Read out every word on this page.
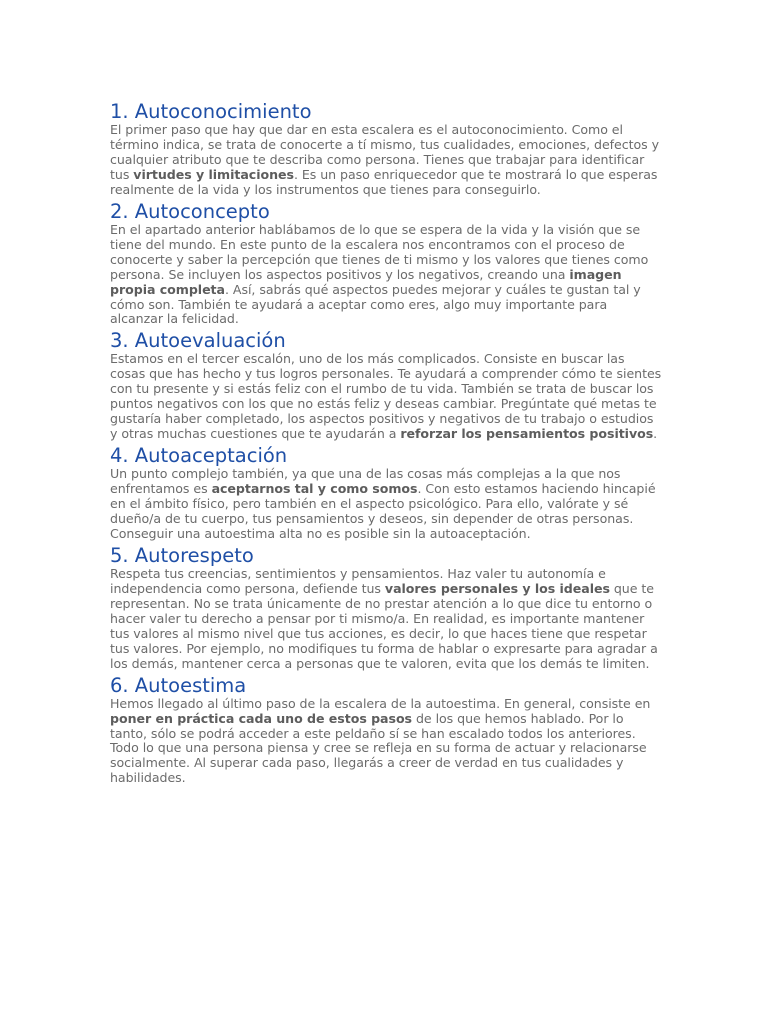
1. Autoconocimiento

El primer paso que hay que dar en esta escalera es el autoconocimiento. Como el término indica, se trata de conocerte a tí mismo, tus cualidades, emociones, defectos y cualquier atributo que te describa como persona. Tienes que trabajar para identificar tus virtudes y limitaciones. Es un paso enriquecedor que te mostrará lo que esperas realmente de la vida y los instrumentos que tienes para conseguirlo.

2. Autoconcepto

En el apartado anterior hablábamos de lo que se espera de la vida y la visión que se tiene del mundo. En este punto de la escalera nos encontramos con el proceso de conocerte y saber la percepción que tienes de ti mismo y los valores que tienes como persona. Se incluyen los aspectos positivos y los negativos, creando una imagen propia completa. Así, sabrás qué aspectos puedes mejorar y cuáles te gustan tal y cómo son. También te ayudará a aceptar como eres, algo muy importante para alcanzar la felicidad.

3. Autoevaluación

Estamos en el tercer escalón, uno de los más complicados. Consiste en buscar las cosas que has hecho y tus logros personales. Te ayudará a comprender cómo te sientes con tu presente y si estás feliz con el rumbo de tu vida. También se trata de buscar los puntos negativos con los que no estás feliz y deseas cambiar. Pregúntate qué metas te gustaría haber completado, los aspectos positivos y negativos de tu trabajo o estudios y otras muchas cuestiones que te ayudarán a reforzar los pensamientos positivos.

4. Autoaceptación

Un punto complejo también, ya que una de las cosas más complejas a la que nos enfrentamos es aceptarnos tal y como somos. Con esto estamos haciendo hincapié en el ámbito físico, pero también en el aspecto psicológico. Para ello, valórate y sé dueño/a de tu cuerpo, tus pensamientos y deseos, sin depender de otras personas. Conseguir una autoestima alta no es posible sin la autoaceptación.

5. Autorespeto

Respeta tus creencias, sentimientos y pensamientos. Haz valer tu autonomía e independencia como persona, defiende tus valores personales y los ideales que te representan. No se trata únicamente de no prestar atención a lo que dice tu entorno o hacer valer tu derecho a pensar por ti mismo/a. En realidad, es importante mantener tus valores al mismo nivel que tus acciones, es decir, lo que haces tiene que respetar tus valores. Por ejemplo, no modifiques tu forma de hablar o expresarte para agradar a los demás, mantener cerca a personas que te valoren, evita que los demás te limiten.

6. Autoestima

Hemos llegado al último paso de la escalera de la autoestima. En general, consiste en poner en práctica cada uno de estos pasos de los que hemos hablado. Por lo tanto, sólo se podrá acceder a este peldaño sí se han escalado todos los anteriores. Todo lo que una persona piensa y cree se refleja en su forma de actuar y relacionarse socialmente. Al superar cada paso, llegarás a creer de verdad en tus cualidades y habilidades.
